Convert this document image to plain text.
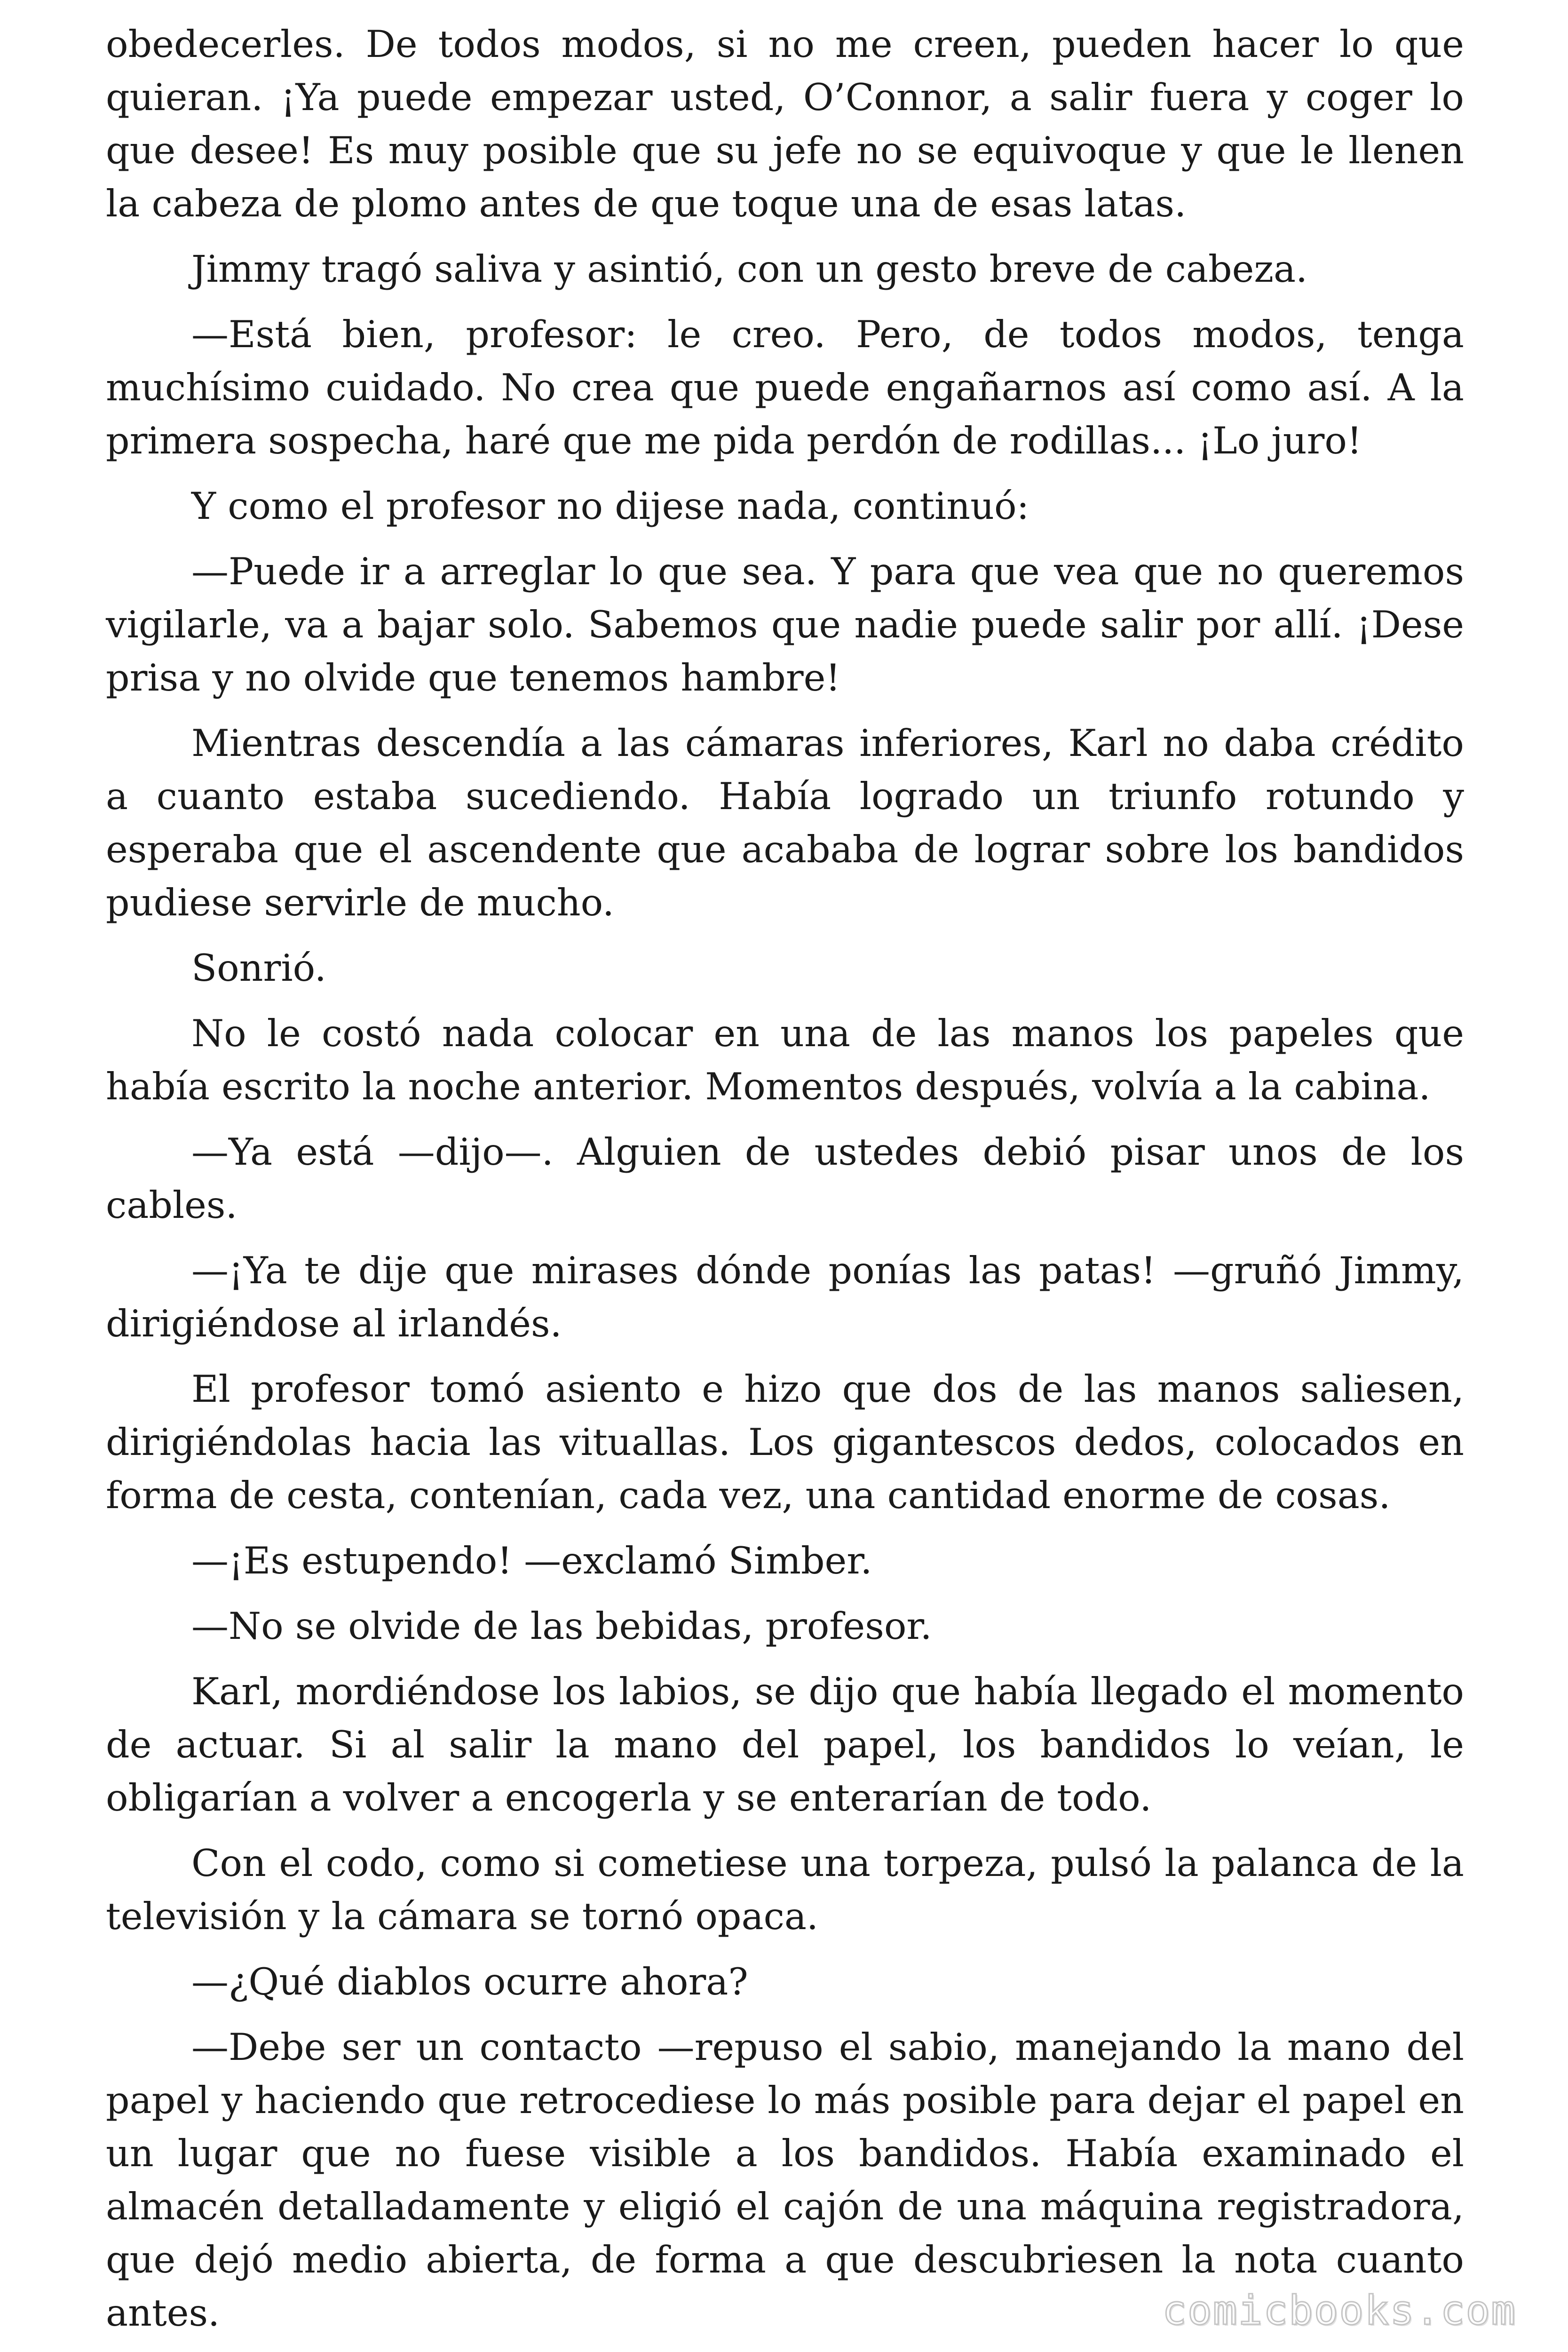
obedecerles. De todos modos, si no me creen, pueden hacer lo que quieran. ¡Ya puede empezar usted, O’Connor, a salir fuera y coger lo que desee! Es muy posible que su jefe no se equivoque y que le llenen la cabeza de plomo antes de que toque una de esas latas.

Jimmy tragó saliva y asintió, con un gesto breve de cabeza.

—Está bien, profesor: le creo. Pero, de todos modos, tenga muchísimo cuidado. No crea que puede engañarnos así como así. A la primera sospecha, haré que me pida perdón de rodillas... ¡Lo juro!

Y como el profesor no dijese nada, continuó:

—Puede ir a arreglar lo que sea. Y para que vea que no queremos vigilarle, va a bajar solo. Sabemos que nadie puede salir por allí. ¡Dese prisa y no olvide que tenemos hambre!

Mientras descendía a las cámaras inferiores, Karl no daba crédito a cuanto estaba sucediendo. Había logrado un triunfo rotundo y esperaba que el ascendente que acababa de lograr sobre los bandidos pudiese servirle de mucho.

Sonrió.

No le costó nada colocar en una de las manos los papeles que había escrito la noche anterior. Momentos después, volvía a la cabina.

—Ya está —dijo—. Alguien de ustedes debió pisar unos de los cables.

—¡Ya te dije que mirases dónde ponías las patas! —gruñó Jimmy, dirigiéndose al irlandés.

El profesor tomó asiento e hizo que dos de las manos saliesen, dirigiéndolas hacia las vituallas. Los gigantescos dedos, colocados en forma de cesta, contenían, cada vez, una cantidad enorme de cosas.

—¡Es estupendo! —exclamó Simber.

—No se olvide de las bebidas, profesor.

Karl, mordiéndose los labios, se dijo que había llegado el momento de actuar. Si al salir la mano del papel, los bandidos lo veían, le obligarían a volver a encogerla y se enterarían de todo.

Con el codo, como si cometiese una torpeza, pulsó la palanca de la televisión y la cámara se tornó opaca.

—¿Qué diablos ocurre ahora?

—Debe ser un contacto —repuso el sabio, manejando la mano del papel y haciendo que retrocediese lo más posible para dejar el papel en un lugar que no fuese visible a los bandidos. Había examinado el almacén detalladamente y eligió el cajón de una máquina registradora, que dejó medio abierta, de forma a que descubriesen la nota cuanto antes.	comicbooks.com
